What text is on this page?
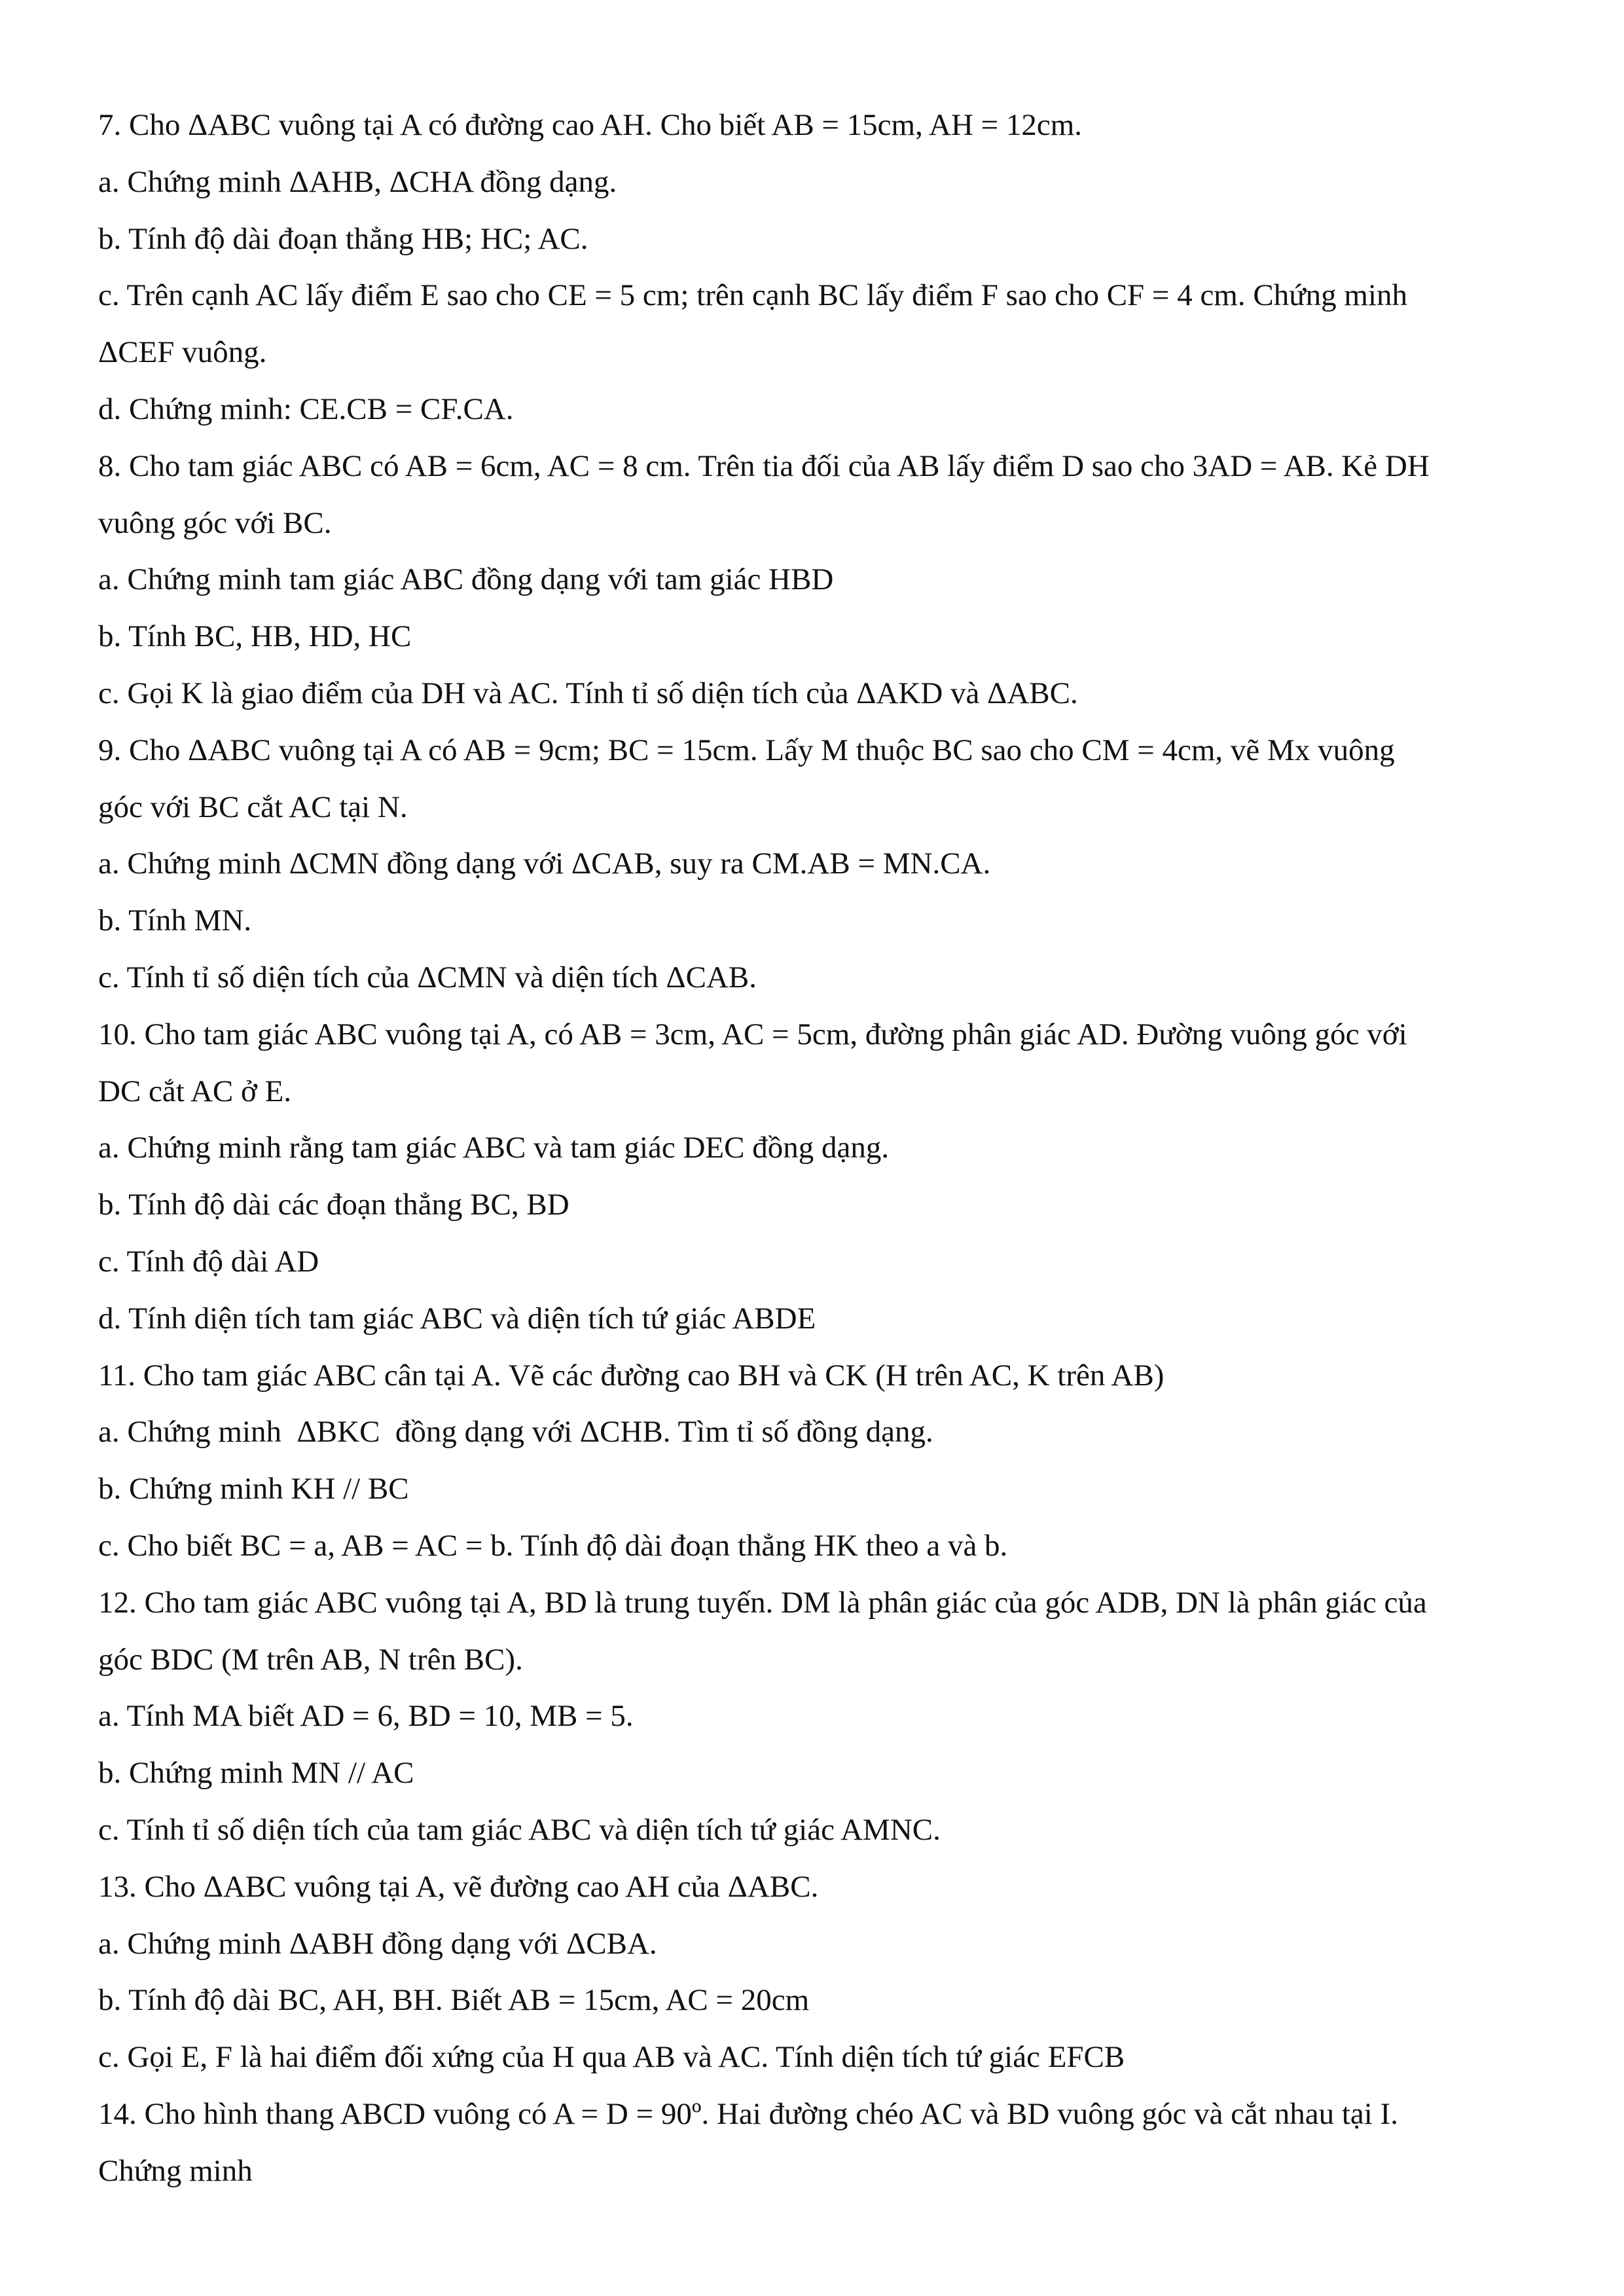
7. Cho ΔABC vuông tại A có đường cao AH. Cho biết AB = 15cm, AH = 12cm.
a. Chứng minh ΔAHB, ΔCHA đồng dạng.
b. Tính độ dài đoạn thẳng HB; HC; AC.
c. Trên cạnh AC lấy điểm E sao cho CE = 5 cm; trên cạnh BC lấy điểm F sao cho CF = 4 cm. Chứng minh
ΔCEF vuông.
d. Chứng minh: CE.CB = CF.CA.
8. Cho tam giác ABC có AB = 6cm, AC = 8 cm. Trên tia đối của AB lấy điểm D sao cho 3AD = AB. Kẻ DH
vuông góc với BC.
a. Chứng minh tam giác ABC đồng dạng với tam giác HBD
b. Tính BC, HB, HD, HC
c. Gọi K là giao điểm của DH và AC. Tính tỉ số diện tích của ΔAKD và ΔABC.
9. Cho ΔABC vuông tại A có AB = 9cm; BC = 15cm. Lấy M thuộc BC sao cho CM = 4cm, vẽ Mx vuông
góc với BC cắt AC tại N.
a. Chứng minh ΔCMN đồng dạng với ΔCAB, suy ra CM.AB = MN.CA.
b. Tính MN.
c. Tính tỉ số diện tích của ΔCMN và diện tích ΔCAB.
10. Cho tam giác ABC vuông tại A, có AB = 3cm, AC = 5cm, đường phân giác AD. Đường vuông góc với
DC cắt AC ở E.
a. Chứng minh rằng tam giác ABC và tam giác DEC đồng dạng.
b. Tính độ dài các đoạn thẳng BC, BD
c. Tính độ dài AD
d. Tính diện tích tam giác ABC và diện tích tứ giác ABDE
11. Cho tam giác ABC cân tại A. Vẽ các đường cao BH và CK (H trên AC, K trên AB)
a. Chứng minh  ΔBKC  đồng dạng với ΔCHB. Tìm tỉ số đồng dạng.
b. Chứng minh KH // BC
c. Cho biết BC = a, AB = AC = b. Tính độ dài đoạn thẳng HK theo a và b.
12. Cho tam giác ABC vuông tại A, BD là trung tuyến. DM là phân giác của góc ADB, DN là phân giác của
góc BDC (M trên AB, N trên BC).
a. Tính MA biết AD = 6, BD = 10, MB = 5.
b. Chứng minh MN // AC
c. Tính tỉ số diện tích của tam giác ABC và diện tích tứ giác AMNC.
13. Cho ΔABC vuông tại A, vẽ đường cao AH của ΔABC.
a. Chứng minh ΔABH đồng dạng với ΔCBA.
b. Tính độ dài BC, AH, BH. Biết AB = 15cm, AC = 20cm
c. Gọi E, F là hai điểm đối xứng của H qua AB và AC. Tính diện tích tứ giác EFCB
14. Cho hình thang ABCD vuông có A = D = 90º. Hai đường chéo AC và BD vuông góc và cắt nhau tại I.
Chứng minh
